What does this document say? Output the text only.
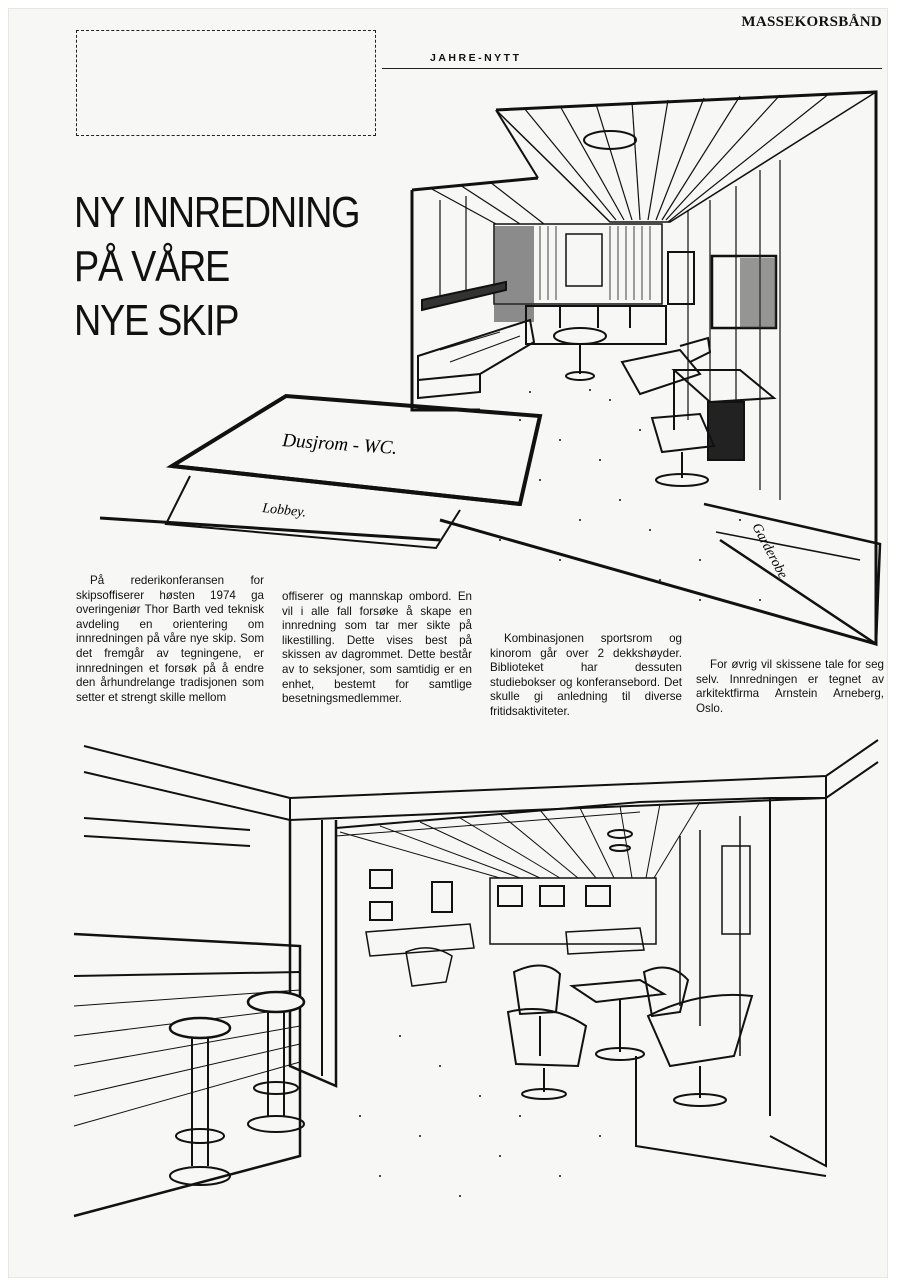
MASSEKORSBÅND
JAHRE-NYTT
NY INNREDNING
PÅ VÅRE
NYE SKIP
Dusjrom - WC.
Lobbey.
Garderobe.

På rederikonferansen for skipsoffiserer høsten 1974 ga overingeniør Thor Barth ved teknisk avdeling en orientering om innredningen på våre nye skip. Som det fremgår av tegningene, er innredningen et forsøk på å endre den århundrelange tradisjonen som setter et strengt skille mellom

offiserer og mannskap ombord. En vil i alle fall forsøke å skape en innredning som tar mer sikte på likestilling. Dette vises best på skissen av dagrommet. Dette består av to seksjoner, som samtidig er en enhet, bestemt for samtlige besetningsmedlemmer.

Kombinasjonen sportsrom og kinorom går over 2 dekkshøyder. Biblioteket har dessuten studiebokser og konferansebord. Det skulle gi anledning til diverse fritidsaktiviteter.

For øvrig vil skissene tale for seg selv. Innredningen er tegnet av arkitektfirma Arnstein Arneberg, Oslo.
